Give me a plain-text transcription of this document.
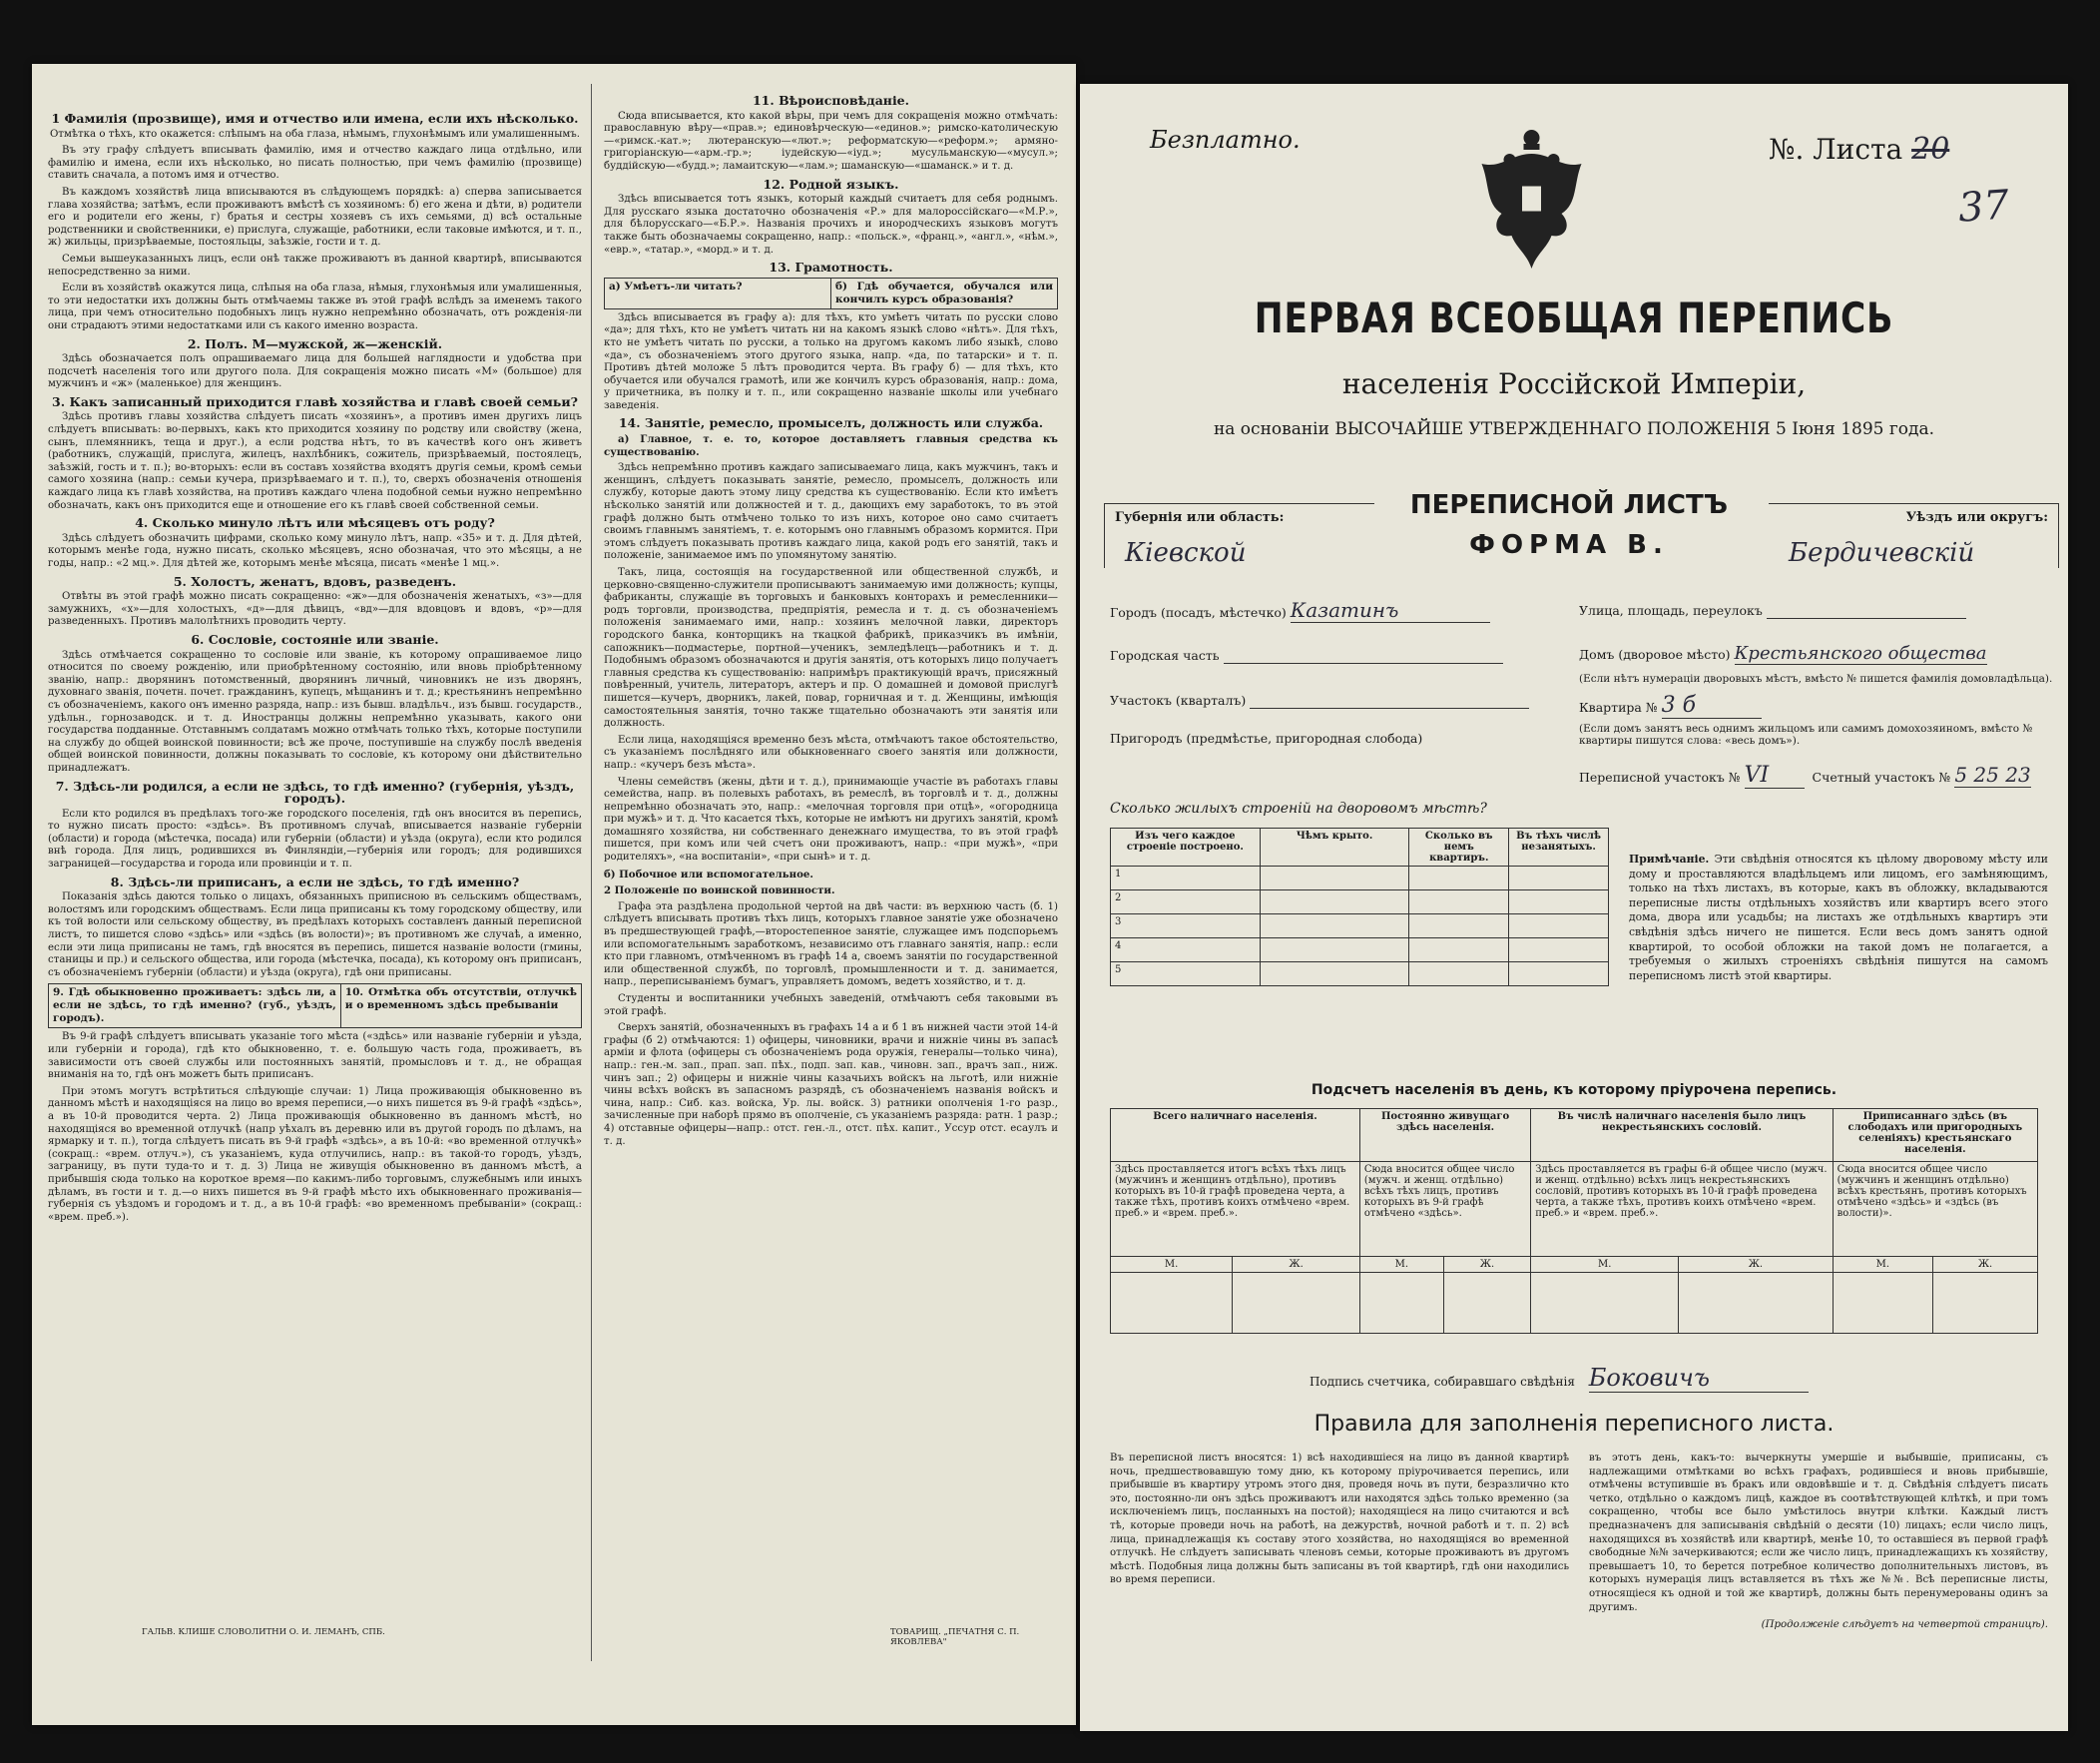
1 Фамилія (прозвище), имя и отчество или имена, если ихъ нѣсколько.

Отмѣтка о тѣхъ, кто окажется: слѣпымъ на оба глаза, нѣмымъ, глухонѣмымъ или умалишеннымъ.

Въ эту графу слѣдуетъ вписывать фамилію, имя и отчество каждаго лица отдѣльно, или фамилію и имена, если ихъ нѣсколько, но писать полностью, при чемъ фамилію (прозвище) ставить сначала, а потомъ имя и отчество.

Въ каждомъ хозяйствѣ лица вписываются въ слѣдующемъ порядкѣ: а) сперва записывается глава хозяйства; затѣмъ, если проживаютъ вмѣстѣ съ хозяиномъ: б) его жена и дѣти, в) родители его и родители его жены, г) братья и сестры хозяевъ съ ихъ семьями, д) всѣ остальные родственники и свойственники, е) прислуга, служащіе, работники, если таковые имѣются, и т. п., ж) жильцы, призрѣваемые, постояльцы, заѣзжіе, гости и т. д.

Семьи вышеуказанныхъ лицъ, если онѣ также проживаютъ въ данной квартирѣ, вписываются непосредственно за ними.

Если въ хозяйствѣ окажутся лица, слѣпыя на оба глаза, нѣмыя, глухонѣмыя или умалишенныя, то эти недостатки ихъ должны быть отмѣчаемы также въ этой графѣ вслѣдъ за именемъ такого лица, при чемъ относительно подобныхъ лицъ нужно непремѣнно обозначать, отъ рожденія-ли они страдаютъ этими недостатками или съ какого именно возраста.

2. Полъ. М—мужской, ж—женскій.

Здѣсь обозначается полъ опрашиваемаго лица для большей наглядности и удобства при подсчетѣ населенія того или другого пола. Для сокращенія можно писать «М» (большое) для мужчинъ и «ж» (маленькое) для женщинъ.

3. Какъ записанный приходится главѣ хозяйства и главѣ своей семьи?

Здѣсь противъ главы хозяйства слѣдуетъ писать «хозяинъ», а противъ имен другихъ лицъ слѣдуетъ вписывать: во-первыхъ, какъ кто приходится хозяину по родству или свойству (жена, сынъ, племянникъ, теща и друг.), а если родства нѣтъ, то въ качествѣ кого онъ живетъ (работникъ, служащій, прислуга, жилецъ, нахлѣбникъ, сожитель, призрѣваемый, постоялецъ, заѣзжій, гость и т. п.); во-вторыхъ: если въ составъ хозяйства входятъ другія семьи, кромѣ семьи самого хозяина (напр.: семьи кучера, призрѣваемаго и т. п.), то, сверхъ обозначенія отношенія каждаго лица къ главѣ хозяйства, на противъ каждаго члена подобной семьи нужно непремѣнно обозначать, какъ онъ приходится еще и отношение его къ главѣ своей собственной семьи.

4. Сколько минуло лѣтъ или мѣсяцевъ отъ роду?

Здѣсь слѣдуетъ обозначить цифрами, сколько кому минуло лѣтъ, напр. «35» и т. д. Для дѣтей, которымъ менѣе года, нужно писать, сколько мѣсяцевъ, ясно обозначая, что это мѣсяцы, а не годы, напр.: «2 мц.». Для дѣтей же, которымъ менѣе мѣсяца, писать «менѣе 1 мц.».

5. Холостъ, женатъ, вдовъ, разведенъ.

Отвѣты въ этой графѣ можно писать сокращенно: «ж»—для обозначенія женатыхъ, «з»—для замужнихъ, «х»—для холостыхъ, «д»—для дѣвицъ, «вд»—для вдовцовъ и вдовъ, «р»—для разведенныхъ. Противъ малолѣтнихъ проводить черту.

6. Сословіе, состояніе или званіе.

Здѣсь отмѣчается сокращенно то сословіе или званіе, къ которому опрашиваемое лицо относится по своему рожденію, или приобрѣтенному состоянію, или вновь пріобрѣтенному званію, напр.: дворянинъ потомственный, дворянинъ личный, чиновникъ не изъ дворянъ, духовнаго званія, почетн. почет. гражданинъ, купецъ, мѣщанинъ и т. д.; крестьянинъ непремѣнно съ обозначеніемъ, какого онъ именно разряда, напр.: изъ бывш. владѣльч., изъ бывш. государств., удѣльн., горнозаводск. и т. д. Иностранцы должны непремѣнно указывать, какого они государства подданные. Отставнымъ солдатамъ можно отмѣчать только тѣхъ, которые поступили на службу до общей воинской повинности; всѣ же проче, поступившіе на службу послѣ введенія общей воинской повинности, должны показывать то сословіе, къ которому они дѣйствительно принадлежатъ.

7. Здѣсь-ли родился, а если не здѣсь, то гдѣ именно? (губернія, уѣздъ, городъ).

Если кто родился въ предѣлахъ того-же городского поселенія, гдѣ онъ вносится въ перепись, то нужно писать просто: «здѣсь». Въ противномъ случаѣ, вписывается названіе губерніи (области) и города (мѣстечка, посада) или губерніи (области) и уѣзда (округа), если кто родился внѣ города. Для лицъ, родившихся въ Финляндіи,—губернія или городъ; для родившихся заграницей—государства и города или провинціи и т. п.

8. Здѣсь-ли приписанъ, а если не здѣсь, то гдѣ именно?

Показанія здѣсь даются только о лицахъ, обязанныхъ приписною въ сельскимъ обществамъ, волостямъ или городскимъ обществамъ. Если лица приписаны къ тому городскому обществу, или къ той волости или сельскому обществу, въ предѣлахъ которыхъ составленъ данный переписной листъ, то пишется слово «здѣсь» или «здѣсь (въ волости)»; въ противномъ же случаѣ, а именно, если эти лица приписаны не тамъ, гдѣ вносятся въ перепись, пишется названіе волости (гмины, станицы и пр.) и сельского общества, или города (мѣстечка, посада), къ которому онъ приписанъ, съ обозначеніемъ губерніи (области) и уѣзда (округа), гдѣ они приписаны.

9. Гдѣ обыкновенно проживаетъ: здѣсь ли, а если не здѣсь, то гдѣ именно? (губ., уѣздъ, городъ).
10. Отмѣтка объ отсутствіи, отлучкѣ и о временномъ здѣсь пребываніи

Въ 9-й графѣ слѣдуетъ вписывать указаніе того мѣста («здѣсь» или названіе губерніи и уѣзда, или губерніи и города), гдѣ кто обыкновенно, т. е. большую часть года, проживаетъ, въ зависимости отъ своей службы или постоянныхъ занятій, промысловъ и т. д., не обращая вниманія на то, гдѣ онъ можетъ быть приписанъ.

При этомъ могутъ встрѣтиться слѣдующіе случаи: 1) Лица проживающія обыкновенно въ данномъ мѣстѣ и находящіяся на лицо во время переписи,—о нихъ пишется въ 9-й графѣ «здѣсь», а въ 10-й проводится черта. 2) Лица проживающія обыкновенно въ данномъ мѣстѣ, но находящіяся во временной отлучкѣ (напр уѣхалъ въ деревню или въ другой городъ по дѣламъ, на ярмарку и т. п.), тогда слѣдуетъ писать въ 9-й графѣ «здѣсь», а въ 10-й: «во временной отлучкѣ» (сокращ.: «врем. отлуч.»), съ указаніемъ, куда отлучились, напр.: въ такой-то городъ, уѣздъ, заграницу, въ пути туда-то и т. д. 3) Лица не живущія обыкновенно въ данномъ мѣстѣ, а прибывшія сюда только на короткое время—по какимъ-либо торговымъ, служебнымъ или иныхъ дѣламъ, въ гости и т. д.—о нихъ пишется въ 9-й графѣ мѣсто ихъ обыкновеннаго проживанія—губернія съ уѣздомъ и городомъ и т. д., а въ 10-й графѣ: «во временномъ пребываніи» (сокращ.: «врем. преб.»).

ГАЛЬВ. КЛИШЕ СЛОВОЛИТНИ О. И. ЛЕМАНЪ, СПБ.
11. Вѣроисповѣданіе.

Сюда вписывается, кто какой вѣры, при чемъ для сокращенія можно отмѣчать: православную вѣру—«прав.»; единовѣрческую—«единов.»; римско-католическую—«римск.-кат.»; лютеранскую—«лют.»; реформатскую—«реформ.»; армяно-григоріанскую—«арм.-гр.»; іудейскую—«іуд.»; мусульманскую—«мусул.»; буддійскую—«будд.»; ламаитскую—«лам.»; шаманскую—«шаманск.» и т. д.

12. Родной языкъ.

Здѣсь вписывается тотъ языкъ, который каждый считаетъ для себя роднымъ. Для русскаго языка достаточно обозначенія «Р.» для малороссійскаго—«М.Р.», для бѣлорусскаго—«Б.Р.». Названія прочихъ и инородческихъ языковъ могутъ также быть обозначаемы сокращенно, напр.: «польск.», «франц.», «англ.», «нѣм.», «евр.», «татар.», «морд.» и т. д.

13. Грамотность.
а) Умѣетъ-ли читать?	б) Гдѣ обучается, обучался или кончилъ курсъ образованія?

Здѣсь вписывается въ графу а): для тѣхъ, кто умѣетъ читать по русски слово «да»; для тѣхъ, кто не умѣетъ читать ни на какомъ языкѣ слово «нѣтъ». Для тѣхъ, кто не умѣетъ читать по русски, а только на другомъ какомъ либо языкѣ, слово «да», съ обозначеніемъ этого другого языка, напр. «да, по татарски» и т. п. Противъ дѣтей моложе 5 лѣтъ проводится черта. Въ графу б) — для тѣхъ, кто обучается или обучался грамотѣ, или же кончилъ курсъ образованія, напр.: дома, у причетника, въ полку и т. п., или сокращенно названіе школы или учебнаго заведенія.

14. Занятіе, ремесло, промыселъ, должность или служба.

а) Главное, т. е. то, которое доставляетъ главныя средства къ существованію.

Здѣсь непремѣнно противъ каждаго записываемаго лица, какъ мужчинъ, такъ и женщинъ, слѣдуетъ показывать занятіе, ремесло, промыселъ, должность или службу, которые даютъ этому лицу средства къ существованію. Если кто имѣетъ нѣсколько занятій или должностей и т. д., дающихъ ему заработокъ, то въ этой графѣ должно быть отмѣчено только то изъ нихъ, которое оно само считаетъ своимъ главнымъ занятіемъ, т. е. которымъ оно главнымъ образомъ кормится. При этомъ слѣдуетъ показывать противъ каждаго лица, какой родъ его занятій, такъ и положеніе, занимаемое имъ по упомянутому занятію.

Такъ, лица, состоящія на государственной или общественной службѣ, и церковно-священно-служители прописываютъ занимаемую ими должность; купцы, фабриканты, служащіе въ торговыхъ и банковыхъ конторахъ и ремесленники—родъ торговли, производства, предпріятія, ремесла и т. д. съ обозначеніемъ положенія занимаемаго ими, напр.: хозяинъ мелочной лавки, директоръ городского банка, конторщикъ на ткацкой фабрикѣ, приказчикъ въ имѣніи, сапожникъ—подмастерье, портной—ученикъ, земледѣлецъ—работникъ и т. д. Подобнымъ образомъ обозначаются и другія занятія, отъ которыхъ лицо получаетъ главныя средства къ существованію: напримѣръ практикующій врачъ, присяжный повѣренный, учитель, литераторъ, актеръ и пр. О домашней и домовой прислугѣ пишется—кучеръ, дворникъ, лакей, повар, горничная и т. д. Женщины, имѣющія самостоятельныя занятія, точно также тщательно обозначаютъ эти занятія или должность.

Если лица, находящіяся временно безъ мѣста, отмѣчаютъ такое обстоятельство, съ указаніемъ послѣдняго или обыкновеннаго своего занятія или должности, напр.: «кучеръ безъ мѣста».

Члены семействъ (жены, дѣти и т. д.), принимающіе участіе въ работахъ главы семейства, напр. въ полевыхъ работахъ, въ ремеслѣ, въ торговлѣ и т. д., должны непремѣнно обозначать это, напр.: «мелочная торговля при отцѣ», «огородница при мужѣ» и т. д. Что касается тѣхъ, которые не имѣютъ ни другихъ занятій, кромѣ домашняго хозяйства, ни собственнаго денежнаго имущества, то въ этой графѣ пишется, при комъ или чей счетъ они проживаютъ, напр.: «при мужѣ», «при родителяхъ», «на воспитаніи», «при сынѣ» и т. д.

б) Побочное или вспомогательное.

2 Положеніе по воинской повинности.

Графа эта раздѣлена продольной чертой на двѣ части: въ верхнюю часть (б. 1) слѣдуетъ вписывать противъ тѣхъ лицъ, которыхъ главное занятіе уже обозначено въ предшествующей графѣ,—второстепенное занятіе, служащее имъ подспорьемъ или вспомогательнымъ заработкомъ, независимо отъ главнаго занятія, напр.: если кто при главномъ, отмѣченномъ въ графѣ 14 а, своемъ занятіи по государственной или общественной службѣ, по торговлѣ, промышленности и т. д. занимается, напр., переписываніемъ бумагъ, управляетъ домомъ, ведетъ хозяйство, и т. д.

Студенты и воспитанники учебныхъ заведеній, отмѣчаютъ себя таковыми въ этой графѣ.

Сверхъ занятій, обозначенныхъ въ графахъ 14 а и б 1 въ нижней части этой 14-й графы (б 2) отмѣчаются: 1) офицеры, чиновники, врачи и нижніе чины въ запасѣ арміи и флота (офицеры съ обозначеніемъ рода оружія, генералы—только чина), напр.: ген.-м. зап., прап. зап. пѣх., подп. зап. кав., чиновн. зап., врачъ зап., ниж. чинъ зап.; 2) офицеры и нижніе чины казачьихъ войскъ на льготѣ, или нижніе чины всѣхъ войскъ въ запасномъ разрядѣ, съ обозначеніемъ названія войскъ и чина, напр.: Сиб. каз. войска, Ур. лы. войск. 3) ратники ополченія 1-го разр., зачисленные при наборѣ прямо въ ополченіе, съ указаніемъ разряда: ратн. 1 разр.; 4) отставные офицеры—напр.: отст. ген.-л., отст. пѣх. капит., Уссур отст. есаулъ и т. д.

ТОВАРИЩ. „ПЕЧАТНЯ С. П. ЯКОВЛЕВА"
Безплатно.	№. Листа 20
37
ПЕРВАЯ ВСЕОБЩАЯ ПЕРЕПИСЬ
населенія Россійской Имперіи,
на основаніи ВЫСОЧАЙШЕ УТВЕРЖДЕННАГО ПОЛОЖЕНІЯ 5 Іюня 1895 года.
Губернія или область:
Кіевской
ПЕРЕПИСНОЙ ЛИСТЪ
ФОРМА В.
Уѣздъ или округъ:
Бердичевскій
Городъ (посадъ, мѣстечко) Казатинъ	Улица, площадь, переулокъ
Городская часть	Домъ (дворовое мѣсто) Крестьянского общества
(Если нѣтъ нумераціи дворовыхъ мѣстъ, вмѣсто № пишется фамилія домовладѣльца).
Участокъ (кварталъ)	Квартира № 3 б
Пригородъ (предмѣстье, пригородная слобода)
(Если домъ занятъ весь однимъ жильцомъ или самимъ домохозяиномъ, вмѣсто № квартиры пишутся слова: «весь домъ»).
Переписной участокъ № VI	Счетный участокъ № 5 25 23
Сколько жилыхъ строеній на дворовомъ мѣстѣ?
Изъ чего каждое строеніе построено.	Чѣмъ крыто.	Сколько въ немъ квартиръ.	Въ тѣхъ числѣ незанятыхъ.
1			
2			
3			
4			
5			
Примѣчаніе. Эти свѣдѣнія относятся къ цѣлому дворовому мѣсту или дому и проставляются владѣльцемъ или лицомъ, его замѣняющимъ, только на тѣхъ листахъ, въ которые, какъ въ обложку, вкладываются переписные листы отдѣльныхъ хозяйствъ или квартиръ всего этого дома, двора или усадьбы; на листахъ же отдѣльныхъ квартиръ эти свѣдѣнія здѣсь ничего не пишется. Если весь домъ занятъ одной квартирой, то особой обложки на такой домъ не полагается, а требуемыя о жилыхъ строеніяхъ свѣдѣнія пишутся на самомъ переписномъ листѣ этой квартиры.
Подсчетъ населенія въ день, къ которому пріурочена перепись.
Всего наличнаго населенія.		Постоянно живущаго здѣсь населенія.		Въ числѣ наличнаго населенія было лицъ некрестьянскихъ сословій.		Приписаннаго здѣсь (въ слободахъ или пригородныхъ селеніяхъ) крестьянскаго населенія.	
Здѣсь проставляется итогъ всѣхъ тѣхъ лицъ (мужчинъ и женщинъ отдѣльно), противъ которыхъ въ 10-й графѣ проведена черта, а также тѣхъ, противъ коихъ отмѣчено «врем. преб.» и «врем. преб.».		Сюда вносится общее число (мужч. и женщ. отдѣльно) всѣхъ тѣхъ лицъ, противъ которыхъ въ 9-й графѣ отмѣчено «здѣсь».		Здѣсь проставляется въ графы 6-й общее число (мужч. и женщ. отдѣльно) всѣхъ лицъ некрестьянскихъ сословій, противъ которыхъ въ 10-й графѣ проведена черта, а также тѣхъ, противъ коихъ отмѣчено «врем. преб.» и «врем. преб.».		Сюда вносится общее число (мужчинъ и женщинъ отдѣльно) всѣхъ крестьянъ, противъ которыхъ отмѣчено «здѣсь» и «здѣсь (въ волости)».	
М.	Ж.	М.	Ж.	М.	Ж.	М.	Ж.

Подпись счетчика, собиравшаго свѣдѣнія Боковичъ
Правила для заполненія переписного листа.
Въ переписной листъ вносятся: 1) всѣ находившіеся на лицо въ данной квартирѣ ночь, предшествовавшую тому дню, къ которому пріурочивается перепись, или прибывшіе въ квартиру утромъ этого дня, проведя ночь въ пути, безразлично кто это, постоянно-ли онъ здѣсь проживаютъ или находятся здѣсь только временно (за исключеніемъ лицъ, посланныхъ на постой); находящіеся на лицо считаются и всѣ тѣ, которые проведи ночь на работѣ, на дежурствѣ, ночной работѣ и т. п. 2) всѣ лица, принадлежащія къ составу этого хозяйства, но находящіяся во временной отлучкѣ. Не слѣдуетъ записывать членовъ семьи, которые проживаютъ въ другомъ мѣстѣ. Подобныя лица должны быть записаны въ той квартирѣ, гдѣ они находились во время переписи.
въ этотъ день, какъ-то: вычеркнуты умершіе и выбывшіе, приписаны, съ надлежащими отмѣтками во всѣхъ графахъ, родившіеся и вновь прибывшіе, отмѣчены вступившіе въ бракъ или овдовѣвшіе и т. д. Свѣдѣнія слѣдуетъ писать четко, отдѣльно о каждомъ лицѣ, каждое въ соотвѣтствующей клѣткѣ, и при томъ сокращенно, чтобы все было умѣстилось внутри клѣтки. Каждый листъ предназначенъ для записыванія свѣдѣній о десяти (10) лицахъ; если число лицъ, находящихся въ хозяйствѣ или квартирѣ, менѣе 10, то оставшіеся въ первой графѣ свободные №№ зачеркиваются; если же число лицъ, принадлежащихъ къ хозяйству, превышаетъ 10, то берется потребное количество дополнительныхъ листовъ, въ которыхъ нумерація лицъ вставляется въ тѣхъ же №№. Всѣ переписные листы, относящіеся къ одной и той же квартирѣ, должны быть перенумерованы одинъ за другимъ.
(Продолженіе слѣдуетъ на четвертой страницѣ).
